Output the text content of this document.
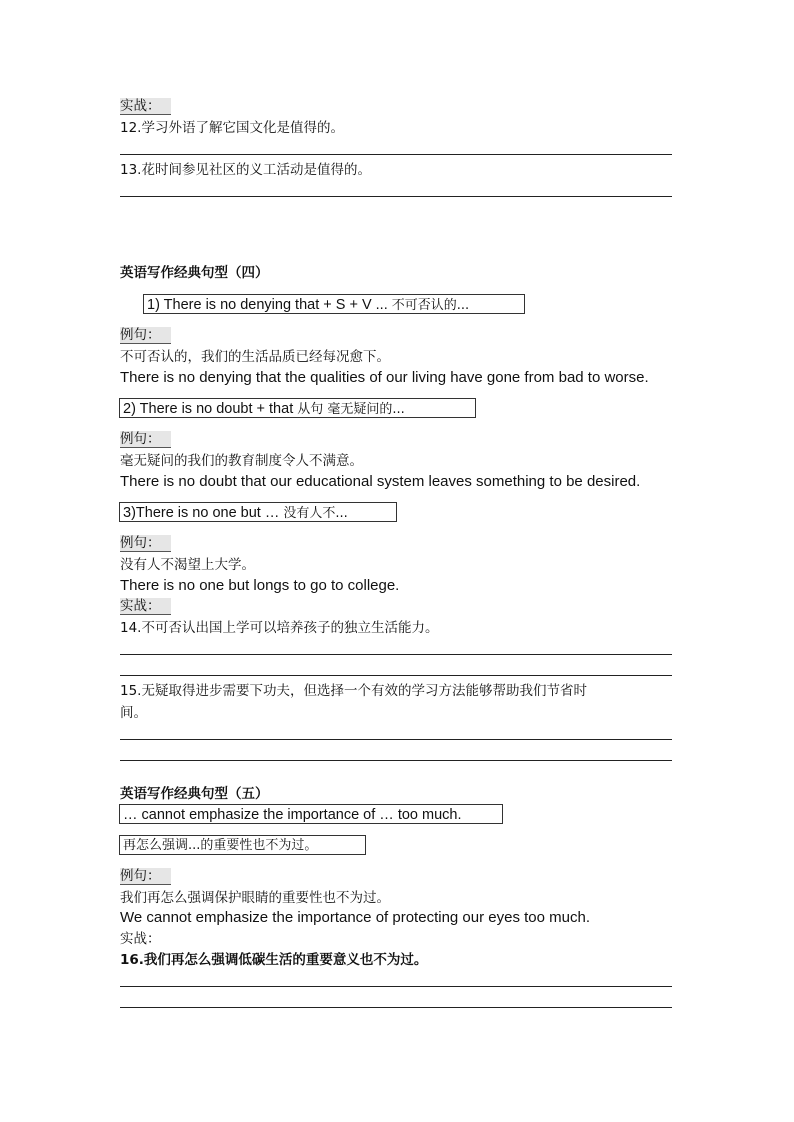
实战：
12.学习外语了解它国文化是值得的。
13.花时间参见社区的义工活动是值得的。
英语写作经典句型（四）
1) There is no denying that + S + V ... 不可否认的...
例句：
不可否认的，我们的生活品质已经每况愈下。
There is no denying that the qualities of our living have gone from bad to worse.
2) There is no doubt + that 从句 毫无疑问的...
例句：
毫无疑问的我们的教育制度令人不满意。
There is no doubt that our educational system leaves something to be desired.
3)There is no one but … 没有人不...
例句：
没有人不渴望上大学。
There is no one but longs to go to college.
实战：
14.不可否认出国上学可以培养孩子的独立生活能力。
15.无疑取得进步需要下功夫，但选择一个有效的学习方法能够帮助我们节省时
间。
英语写作经典句型（五）
… cannot emphasize the importance of … too much.
再怎么强调...的重要性也不为过。
例句：
我们再怎么强调保护眼睛的重要性也不为过。
We cannot emphasize the importance of protecting our eyes too much.
实战：
16.我们再怎么强调低碳生活的重要意义也不为过。
